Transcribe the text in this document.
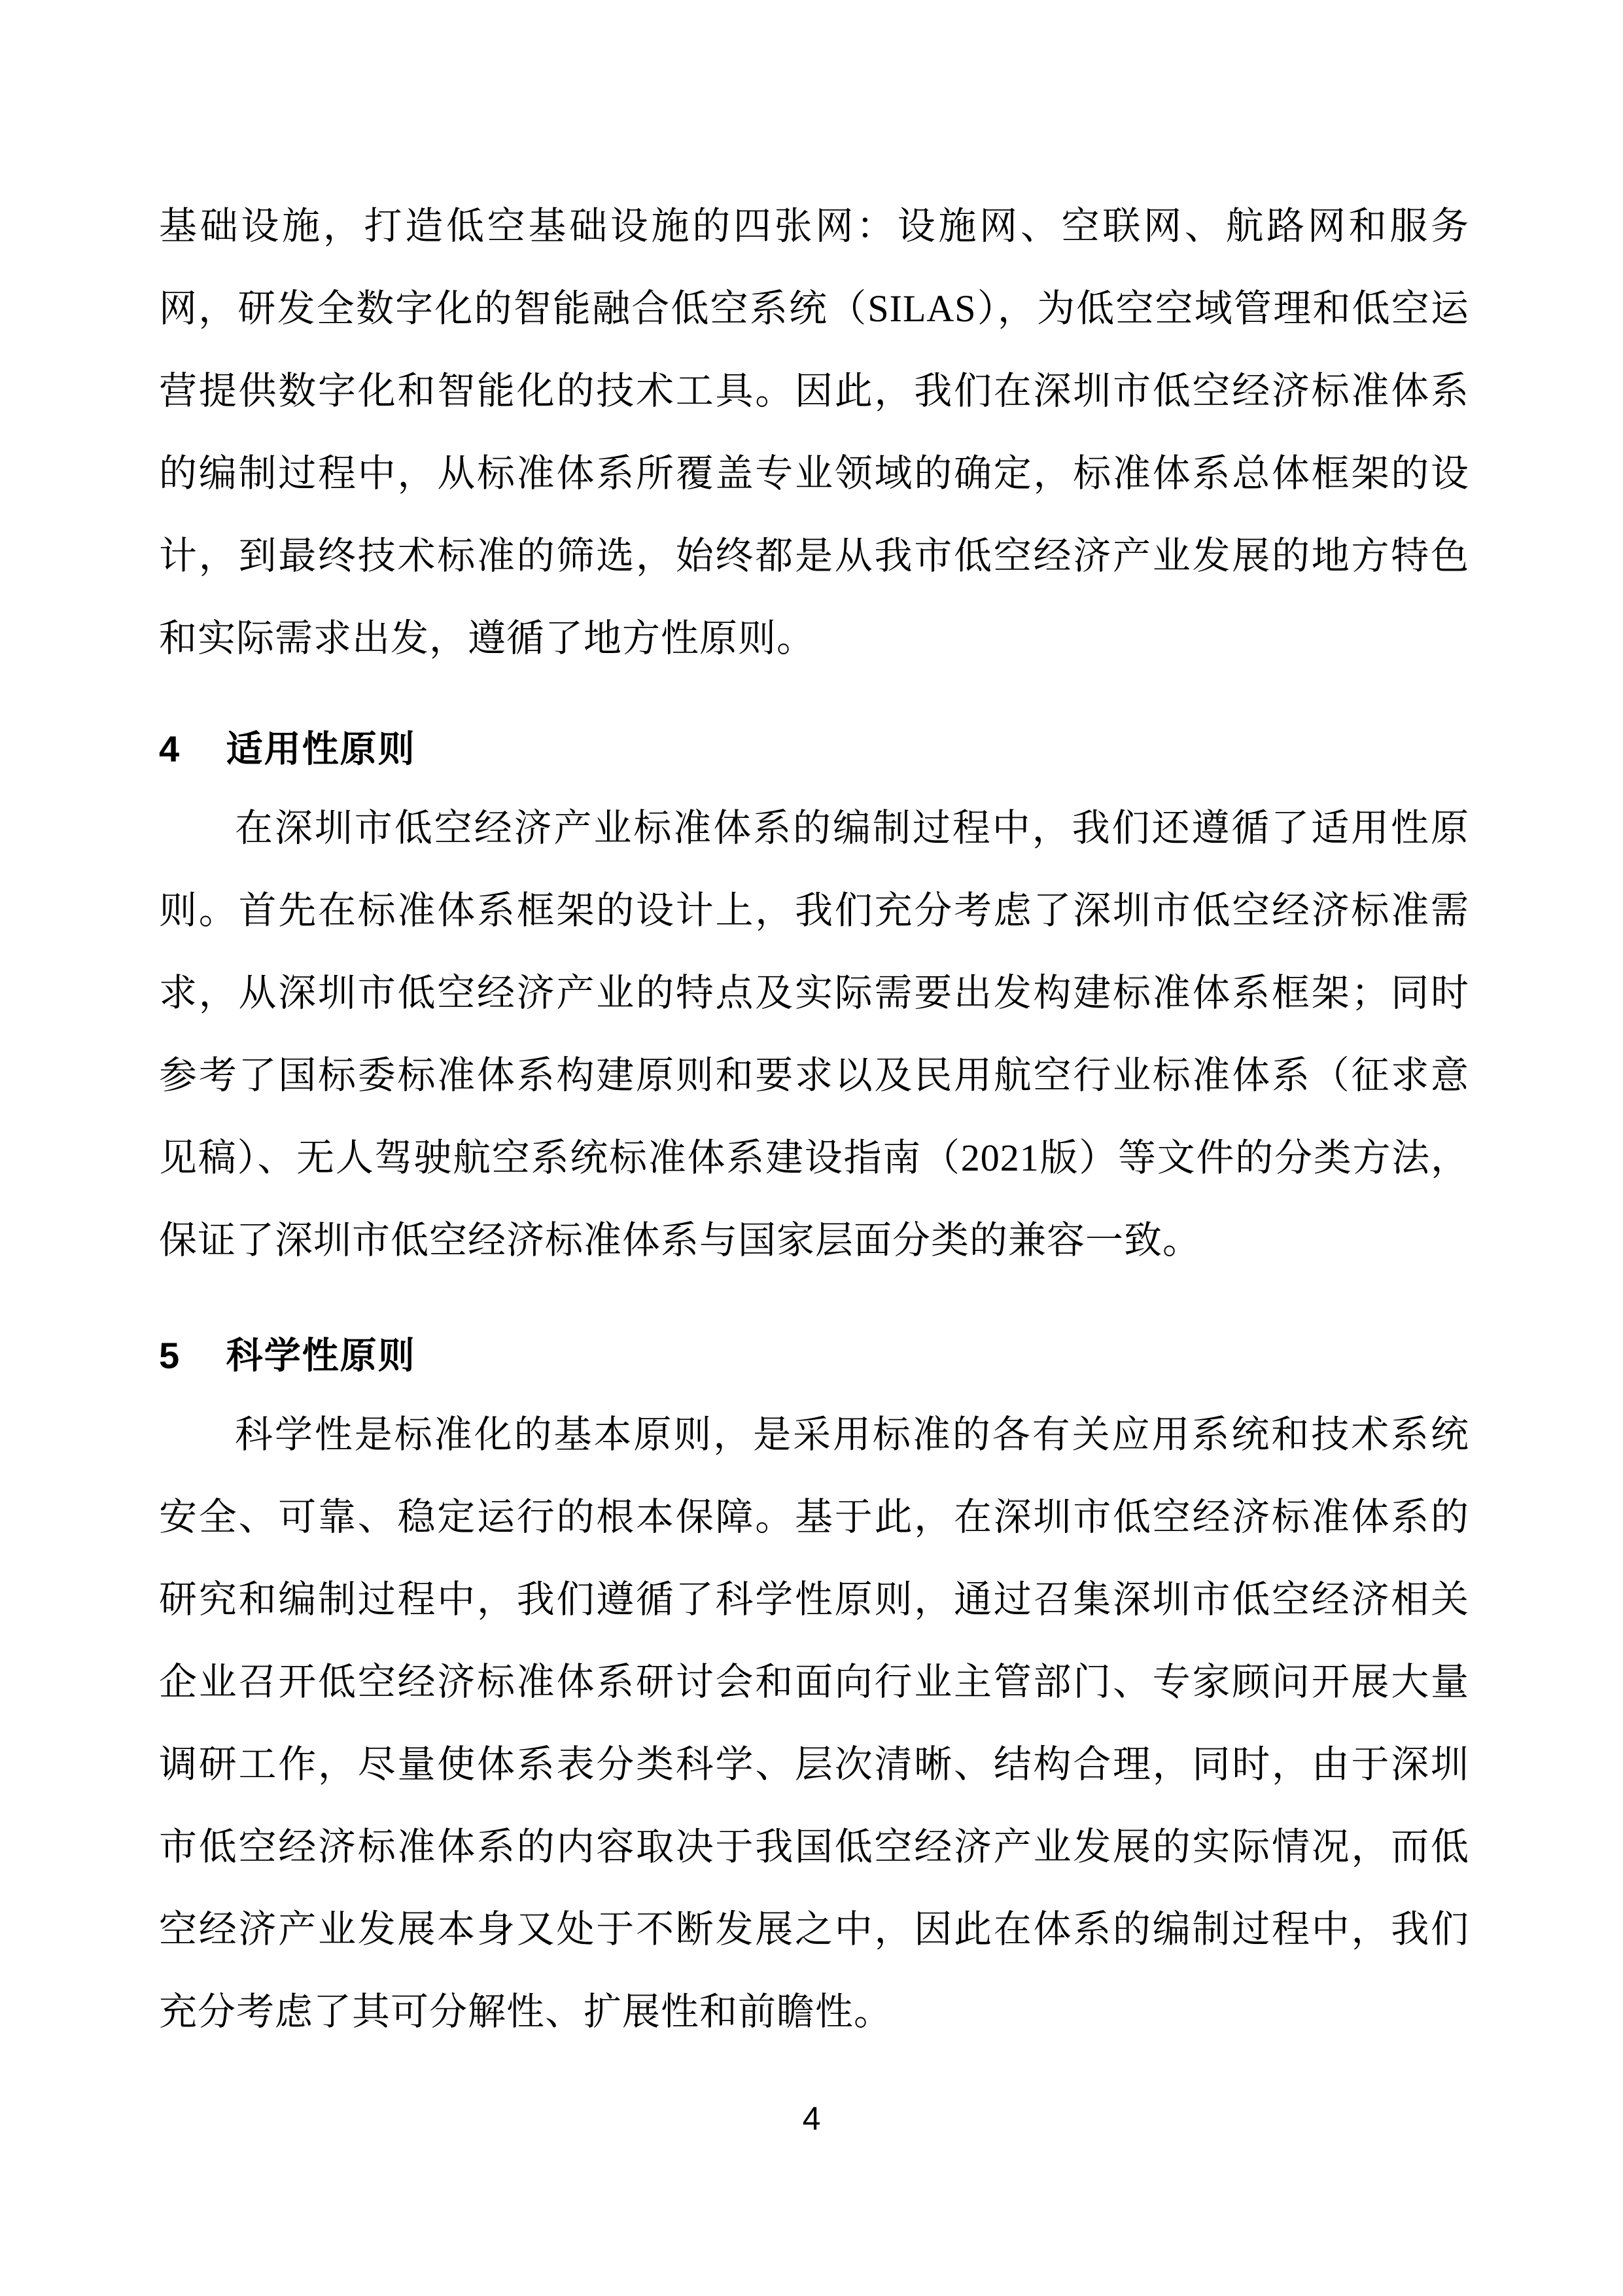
基础设施，打造低空基础设施的四张网：设施网、空联网、航路网和服务网，研发全数字化的智能融合低空系统（SILAS），为低空空域管理和低空运营提供数字化和智能化的技术工具。因此，我们在深圳市低空经济标准体系的编制过程中，从标准体系所覆盖专业领域的确定，标准体系总体框架的设计，到最终技术标准的筛选，始终都是从我市低空经济产业发展的地方特色和实际需求出发，遵循了地方性原则。

4 适用性原则

在深圳市低空经济产业标准体系的编制过程中，我们还遵循了适用性原则。首先在标准体系框架的设计上，我们充分考虑了深圳市低空经济标准需求，从深圳市低空经济产业的特点及实际需要出发构建标准体系框架；同时参考了国标委标准体系构建原则和要求以及民用航空行业标准体系（征求意见稿）、无人驾驶航空系统标准体系建设指南（2021版）等文件的分类方法，保证了深圳市低空经济标准体系与国家层面分类的兼容一致。

5 科学性原则

科学性是标准化的基本原则，是采用标准的各有关应用系统和技术系统安全、可靠、稳定运行的根本保障。基于此，在深圳市低空经济标准体系的研究和编制过程中，我们遵循了科学性原则，通过召集深圳市低空经济相关企业召开低空经济标准体系研讨会和面向行业主管部门、专家顾问开展大量调研工作，尽量使体系表分类科学、层次清晰、结构合理，同时，由于深圳市低空经济标准体系的内容取决于我国低空经济产业发展的实际情况，而低空经济产业发展本身又处于不断发展之中，因此在体系的编制过程中，我们充分考虑了其可分解性、扩展性和前瞻性。

4
